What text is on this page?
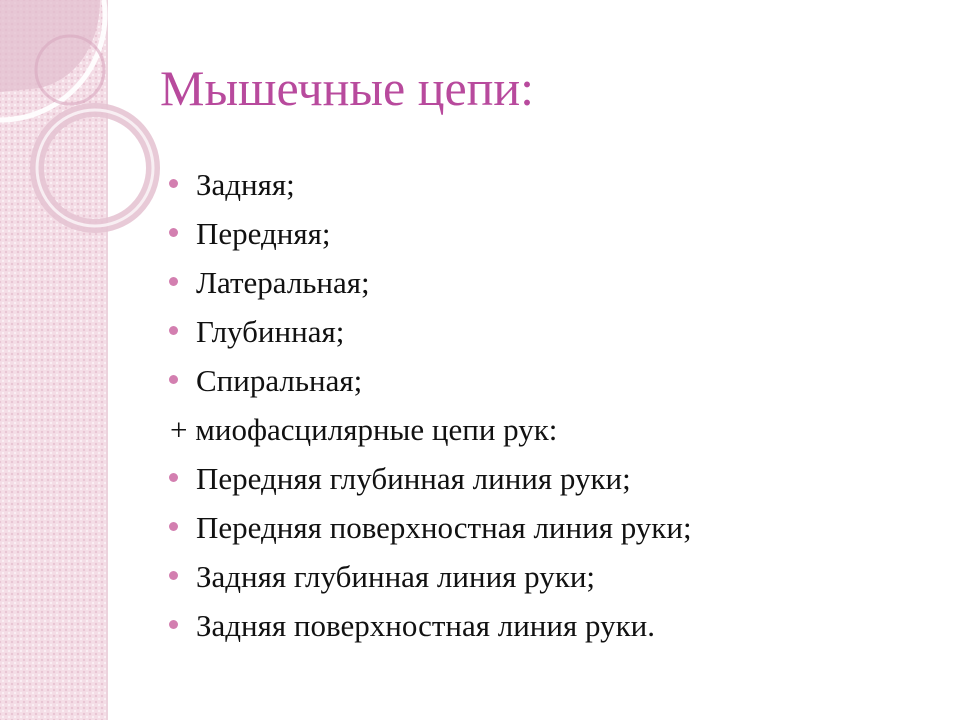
Мышечные цепи:
Задняя;
Передняя;
Латеральная;
Глубинная;
Спиральная;
+ миофасцилярные цепи рук:
Передняя глубинная линия руки;
Передняя поверхностная линия руки;
Задняя глубинная линия руки;
Задняя поверхностная линия руки.
